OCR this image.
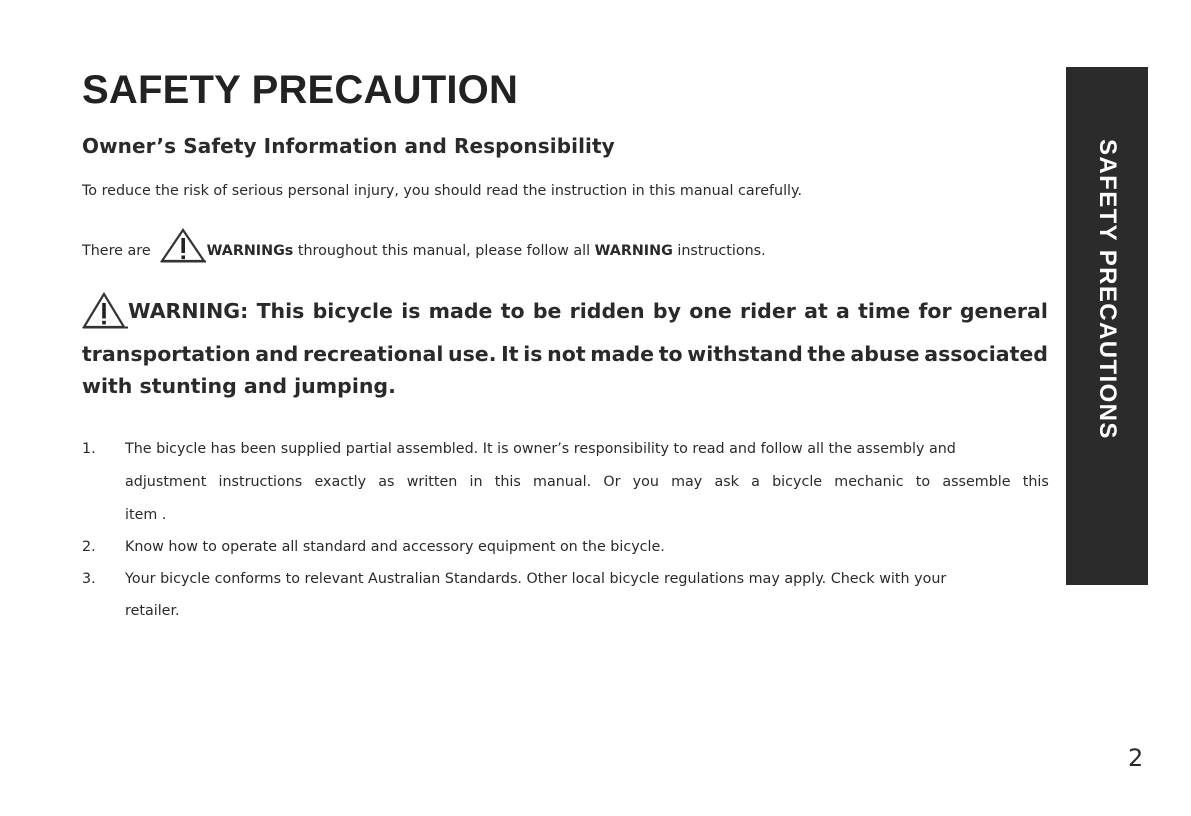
SAFETY PRECAUTION
Owner’s Safety Information and Responsibility
To reduce the risk of serious personal injury, you should read the instruction in this manual carefully.
There are	WARNINGs throughout this manual, please follow all WARNING instructions.
WARNING: This bicycle is made to be ridden by one rider at a time for general
transportation and recreational use. It is not made to withstand the abuse associated
with stunting and jumping.
1. The bicycle has been supplied partial assembled. It is owner’s responsibility to read and follow all the assembly and
adjustment instructions exactly as written in this manual. Or you may ask a bicycle mechanic to assemble this
item .
2. Know how to operate all standard and accessory equipment on the bicycle.
3. Your bicycle conforms to relevant Australian Standards. Other local bicycle regulations may apply. Check with your
retailer.
SAFETY PRECAUTIONS
2
